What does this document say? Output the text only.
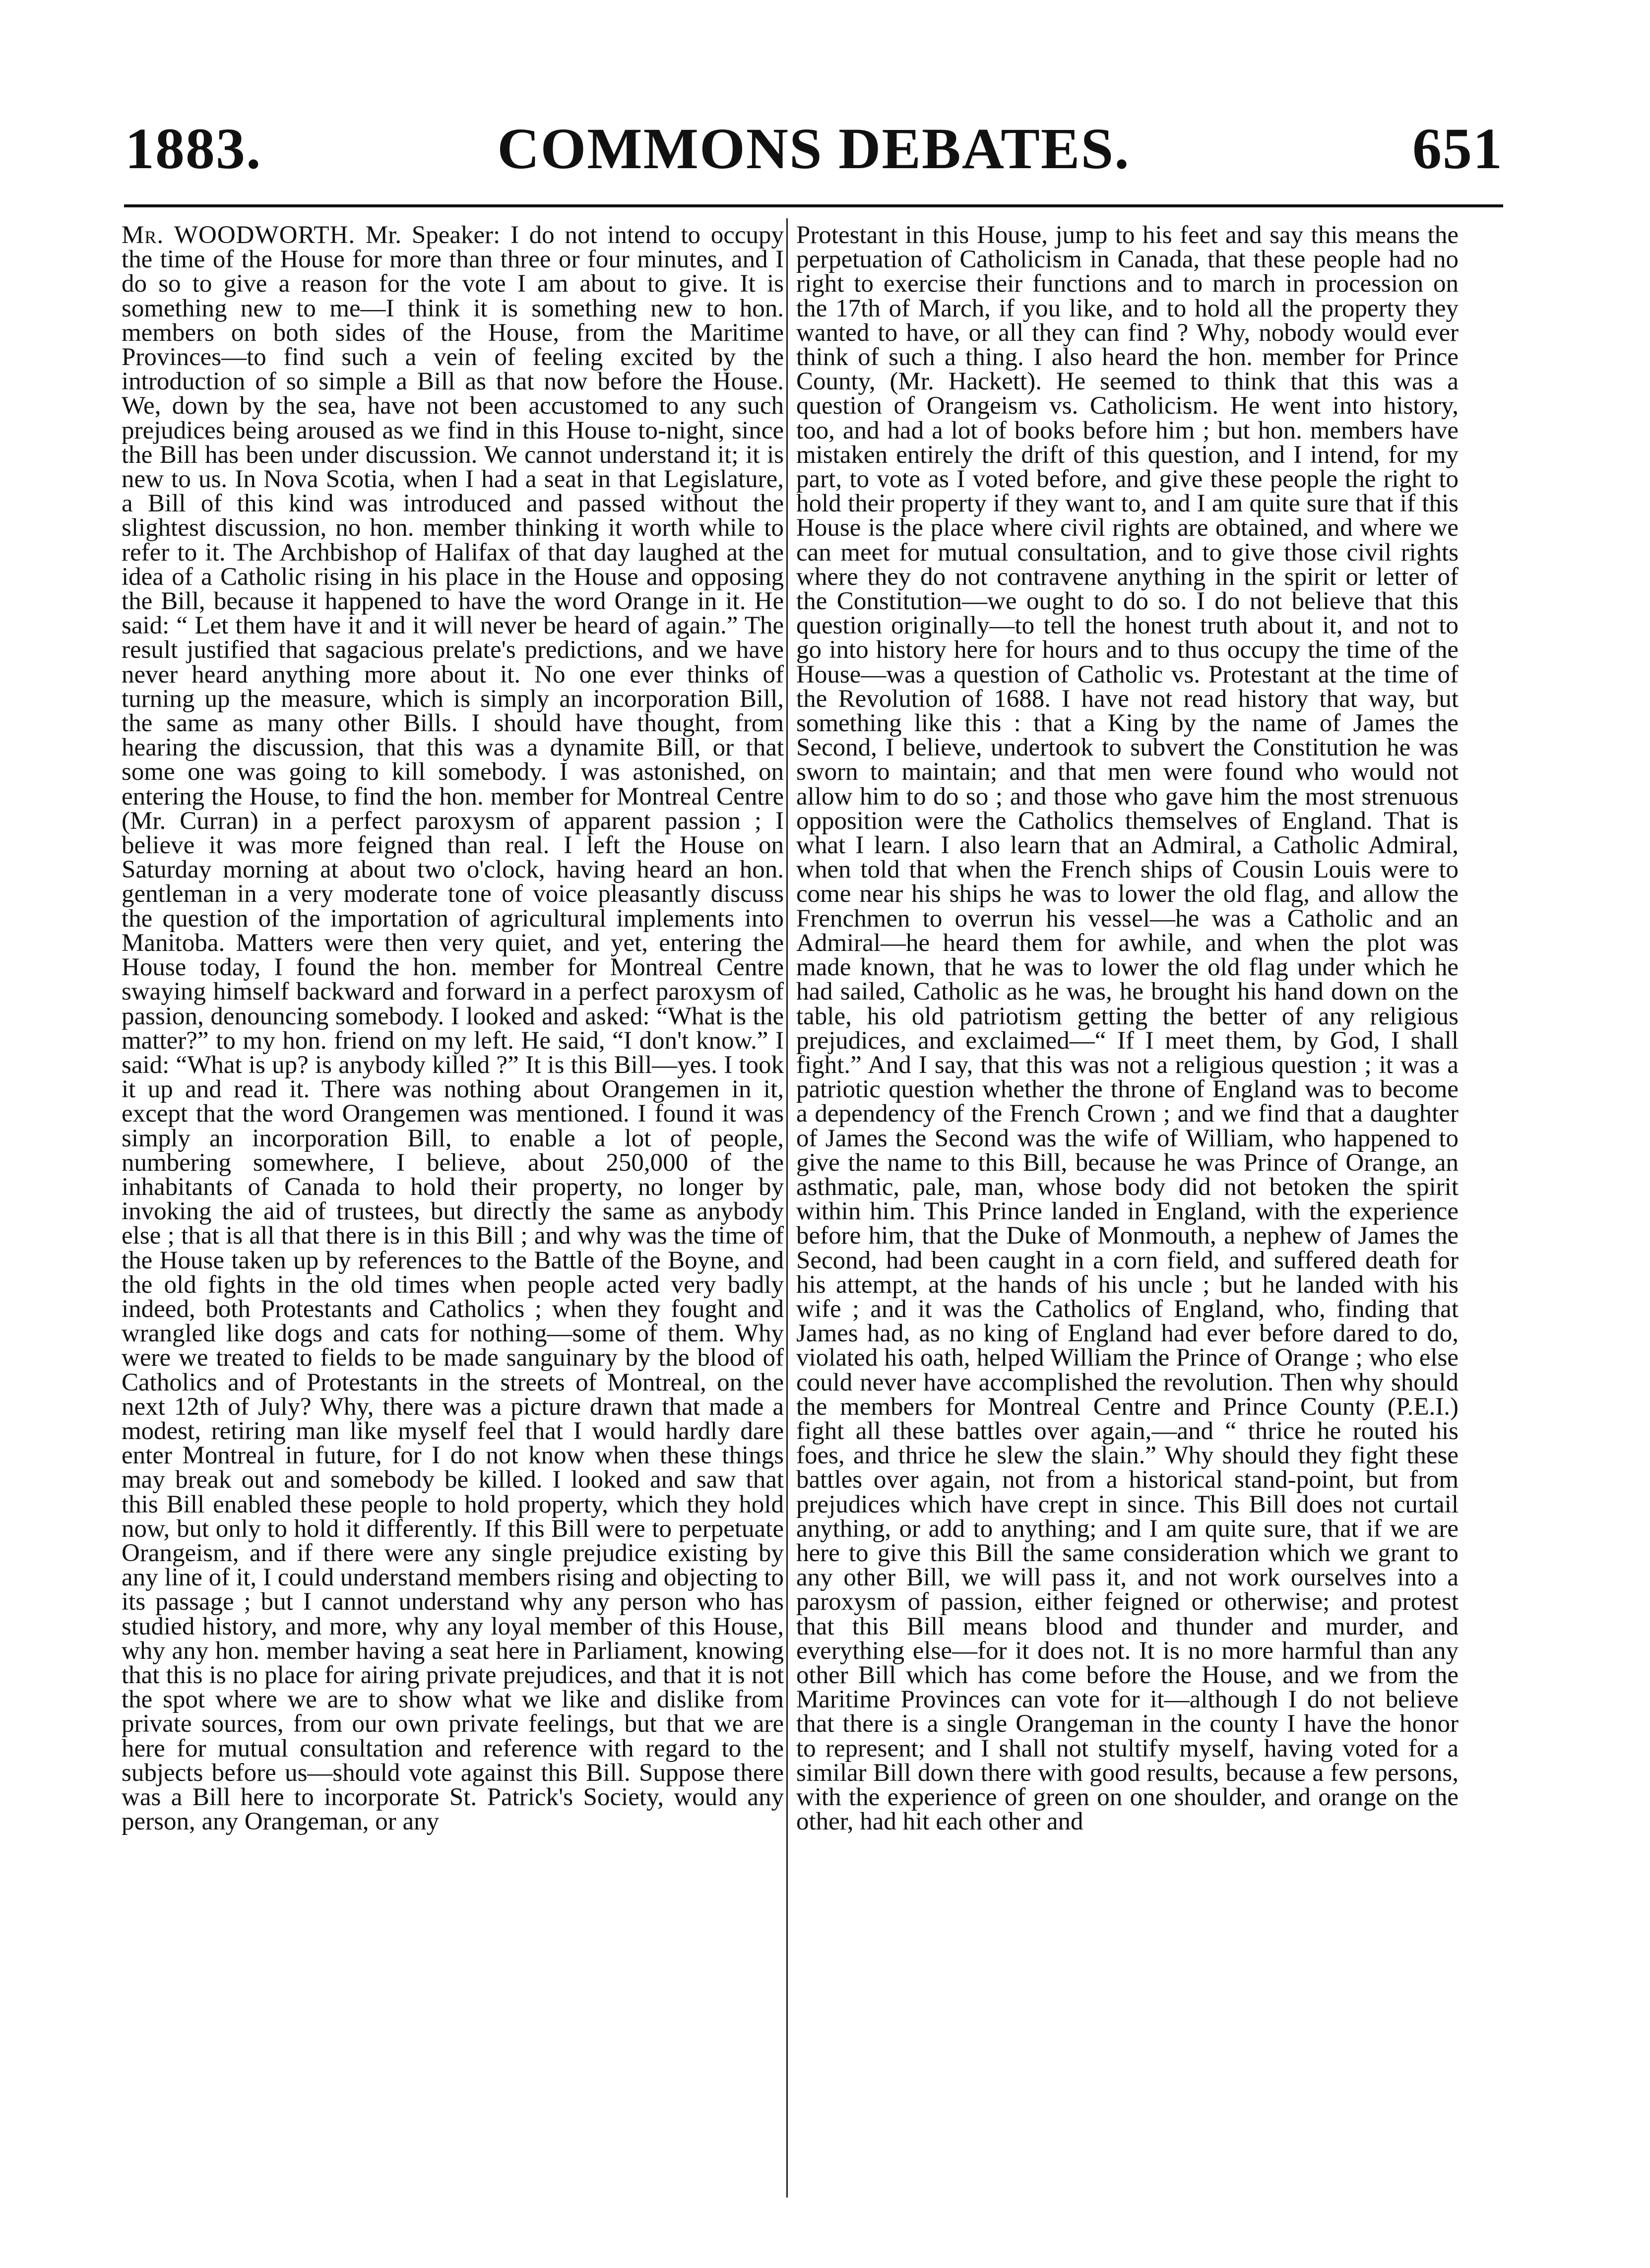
1883.	COMMONS DEBATES.	651

Mr. WOODWORTH. Mr. Speaker: I do not intend to occupy the time of the House for more than three or four minutes, and I do so to give a reason for the vote I am about to give. It is something new to me—I think it is something new to hon. members on both sides of the House, from the Maritime Provinces—to find such a vein of feeling excited by the introduction of so simple a Bill as that now before the House. We, down by the sea, have not been accustomed to any such prejudices being aroused as we find in this House to-night, since the Bill has been under discussion. We cannot understand it; it is new to us. In Nova Scotia, when I had a seat in that Legislature, a Bill of this kind was introduced and passed without the slightest discussion, no hon. member thinking it worth while to refer to it. The Archbishop of Halifax of that day laughed at the idea of a Catholic rising in his place in the House and opposing the Bill, because it happened to have the word Orange in it. He said: “ Let them have it and it will never be heard of again.” The result justified that sagacious prelate's predictions, and we have never heard anything more about it. No one ever thinks of turning up the measure, which is simply an incorporation Bill, the same as many other Bills. I should have thought, from hearing the discussion, that this was a dynamite Bill, or that some one was going to kill somebody. I was astonished, on entering the House, to find the hon. member for Montreal Centre (Mr. Curran) in a perfect paroxysm of apparent passion ; I believe it was more feigned than real. I left the House on Saturday morning at about two o'clock, having heard an hon. gentleman in a very moderate tone of voice pleasantly discuss the question of the importation of agricultural implements into Manitoba. Matters were then very quiet, and yet, entering the House today, I found the hon. member for Montreal Centre swaying himself backward and forward in a perfect paroxysm of passion, denouncing somebody. I looked and asked: “What is the matter?” to my hon. friend on my left. He said, “I don't know.” I said: “What is up? is anybody killed ?” It is this Bill—yes. I took it up and read it. There was nothing about Orangemen in it, except that the word Orangemen was mentioned. I found it was simply an incorporation Bill, to enable a lot of people, numbering somewhere, I believe, about 250,000 of the inhabitants of Canada to hold their property, no longer by invoking the aid of trustees, but directly the same as anybody else ; that is all that there is in this Bill ; and why was the time of the House taken up by references to the Battle of the Boyne, and the old fights in the old times when people acted very badly indeed, both Protestants and Catholics ; when they fought and wrangled like dogs and cats for nothing—some of them. Why were we treated to fields to be made sanguinary by the blood of Catholics and of Protestants in the streets of Montreal, on the next 12th of July? Why, there was a picture drawn that made a modest, retiring man like myself feel that I would hardly dare enter Montreal in future, for I do not know when these things may break out and somebody be killed. I looked and saw that this Bill enabled these people to hold property, which they hold now, but only to hold it differently. If this Bill were to perpetuate Orangeism, and if there were any single prejudice existing by any line of it, I could understand members rising and objecting to its passage ; but I cannot understand why any person who has studied history, and more, why any loyal member of this House, why any hon. member having a seat here in Parliament, knowing that this is no place for airing private prejudices, and that it is not the spot where we are to show what we like and dislike from private sources, from our own private feelings, but that we are here for mutual consultation and reference with regard to the subjects before us—should vote against this Bill. Suppose there was a Bill here to incorporate St. Patrick's Society, would any person, any Orangeman, or any

Protestant in this House, jump to his feet and say this means the perpetuation of Catholicism in Canada, that these people had no right to exercise their functions and to march in procession on the 17th of March, if you like, and to hold all the property they wanted to have, or all they can find ? Why, nobody would ever think of such a thing. I also heard the hon. member for Prince County, (Mr. Hackett). He seemed to think that this was a question of Orangeism vs. Catholicism. He went into history, too, and had a lot of books before him ; but hon. members have mistaken entirely the drift of this question, and I intend, for my part, to vote as I voted before, and give these people the right to hold their property if they want to, and I am quite sure that if this House is the place where civil rights are obtained, and where we can meet for mutual consultation, and to give those civil rights where they do not contravene anything in the spirit or letter of the Constitution—we ought to do so. I do not believe that this question originally—to tell the honest truth about it, and not to go into history here for hours and to thus occupy the time of the House—was a question of Catholic vs. Protestant at the time of the Revolution of 1688. I have not read history that way, but something like this : that a King by the name of James the Second, I believe, undertook to subvert the Constitution he was sworn to maintain; and that men were found who would not allow him to do so ; and those who gave him the most strenuous opposition were the Catholics themselves of England. That is what I learn. I also learn that an Admiral, a Catholic Admiral, when told that when the French ships of Cousin Louis were to come near his ships he was to lower the old flag, and allow the Frenchmen to overrun his vessel—he was a Catholic and an Admiral—he heard them for awhile, and when the plot was made known, that he was to lower the old flag under which he had sailed, Catholic as he was, he brought his hand down on the table, his old patriotism getting the better of any religious prejudices, and exclaimed—“ If I meet them, by God, I shall fight.” And I say, that this was not a religious question ; it was a patriotic question whether the throne of England was to become a dependency of the French Crown ; and we find that a daughter of James the Second was the wife of William, who happened to give the name to this Bill, because he was Prince of Orange, an asthmatic, pale, man, whose body did not betoken the spirit within him. This Prince landed in England, with the experience before him, that the Duke of Monmouth, a nephew of James the Second, had been caught in a corn field, and suffered death for his attempt, at the hands of his uncle ; but he landed with his wife ; and it was the Catholics of England, who, finding that James had, as no king of England had ever before dared to do, violated his oath, helped William the Prince of Orange ; who else could never have accomplished the revolution. Then why should the members for Montreal Centre and Prince County (P.E.I.) fight all these battles over again,—and “ thrice he routed his foes, and thrice he slew the slain.” Why should they fight these battles over again, not from a historical stand-point, but from prejudices which have crept in since. This Bill does not curtail anything, or add to anything; and I am quite sure, that if we are here to give this Bill the same consideration which we grant to any other Bill, we will pass it, and not work ourselves into a paroxysm of passion, either feigned or otherwise; and protest that this Bill means blood and thunder and murder, and everything else—for it does not. It is no more harmful than any other Bill which has come before the House, and we from the Maritime Provinces can vote for it—although I do not believe that there is a single Orangeman in the county I have the honor to represent; and I shall not stultify myself, having voted for a similar Bill down there with good results, because a few persons, with the experience of green on one shoulder, and orange on the other, had hit each other and
